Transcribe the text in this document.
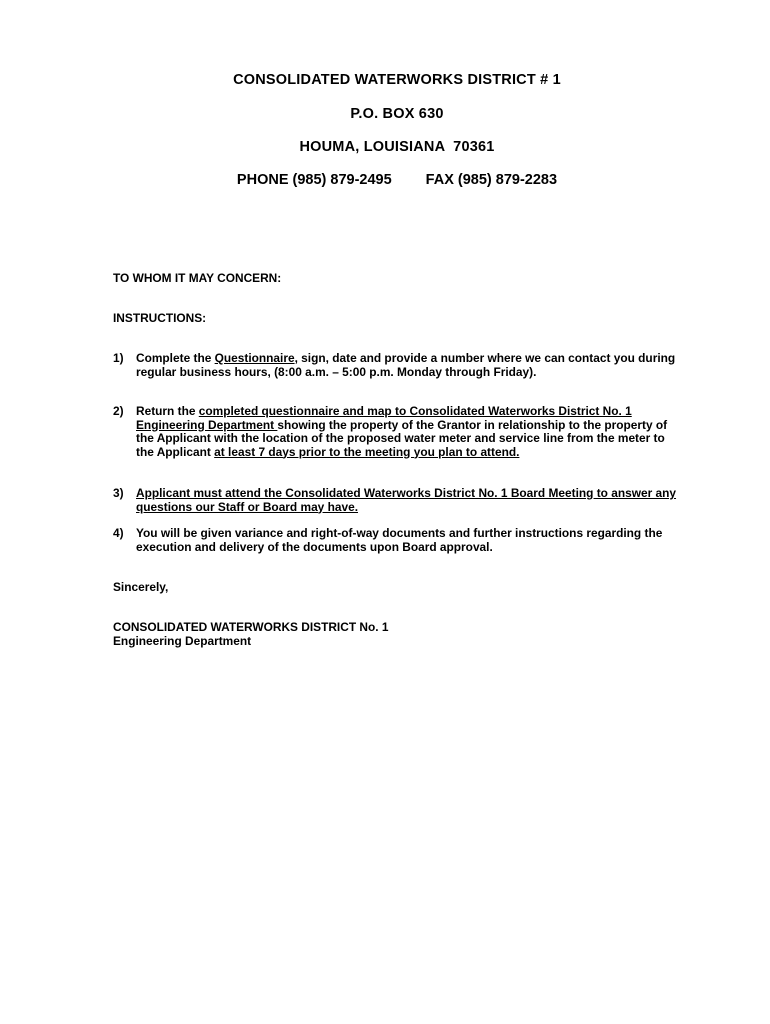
CONSOLIDATED WATERWORKS DISTRICT # 1
P.O. BOX 630
HOUMA, LOUISIANA  70361
PHONE (985) 879-2495 FAX (985) 879-2283
TO WHOM IT MAY CONCERN:
INSTRUCTIONS:
1) Complete the Questionnaire, sign, date and provide a number where we can contact you during regular business hours, (8:00 a.m. – 5:00 p.m. Monday through Friday).
2) Return the completed questionnaire and map to Consolidated Waterworks District No. 1 Engineering Department showing the property of the Grantor in relationship to the property of the Applicant with the location of the proposed water meter and service line from the meter to the Applicant at least 7 days prior to the meeting you plan to attend.
3) Applicant must attend the Consolidated Waterworks District No. 1 Board Meeting to answer any questions our Staff or Board may have.
4) You will be given variance and right-of-way documents and further instructions regarding the execution and delivery of the documents upon Board approval.
Sincerely,
CONSOLIDATED WATERWORKS DISTRICT No. 1
Engineering Department
